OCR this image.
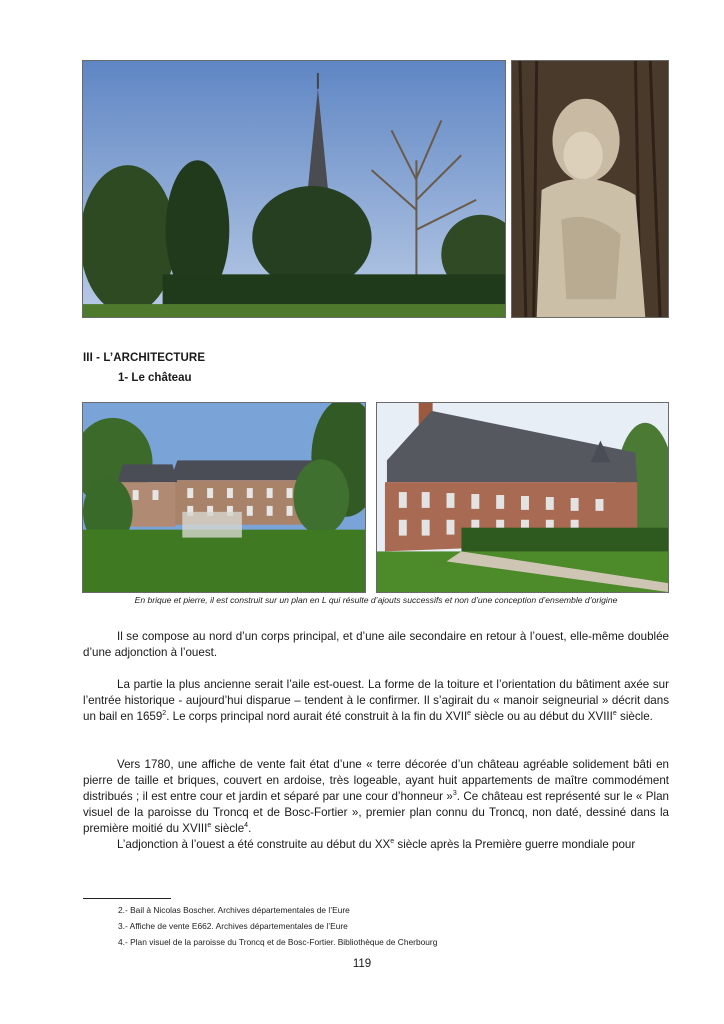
III - L’ARCHITECTURE
1- Le château
En brique et pierre, il est construit sur un plan en L qui résulte d’ajouts successifs et non d’une conception d’ensemble d’origine
Il se compose au nord d’un corps principal, et d’une aile secondaire en retour à l’ouest, elle-même doublée d’une adjonction à l’ouest.
La partie la plus ancienne serait l’aile est-ouest. La forme de la toiture et l’orientation du bâtiment axée sur l’entrée historique - aujourd’hui disparue – tendent à le confirmer. Il s’agirait du « manoir seigneurial » décrit dans un bail en 1659$^2$. Le corps principal nord aurait été construit à la fin du XVIIe siècle ou au début du XVIIIe siècle.
Vers 1780, une affiche de vente fait état d’une « terre décorée d’un château agréable solidement bâti en pierre de taille et briques, couvert en ardoise, très logeable, ayant huit appartements de maître commodément distribués ; il est entre cour et jardin et séparé par une cour d’honneur »$^3$. Ce château est représenté sur le « Plan visuel de la paroisse du Troncq et de Bosc-Fortier », premier plan connu du Troncq, non daté, dessiné dans la première moitié du XVIIIe siècle$^4$.
L’adjonction à l’ouest a été construite au début du XXe siècle après la Première guerre mondiale pour
2.- Bail à Nicolas Boscher. Archives départementales de l’Eure
3.- Affiche de vente E662. Archives départementales de l’Eure
4.- Plan visuel de la paroisse du Troncq et de Bosc-Fortier. Bibliothèque de Cherbourg
119
